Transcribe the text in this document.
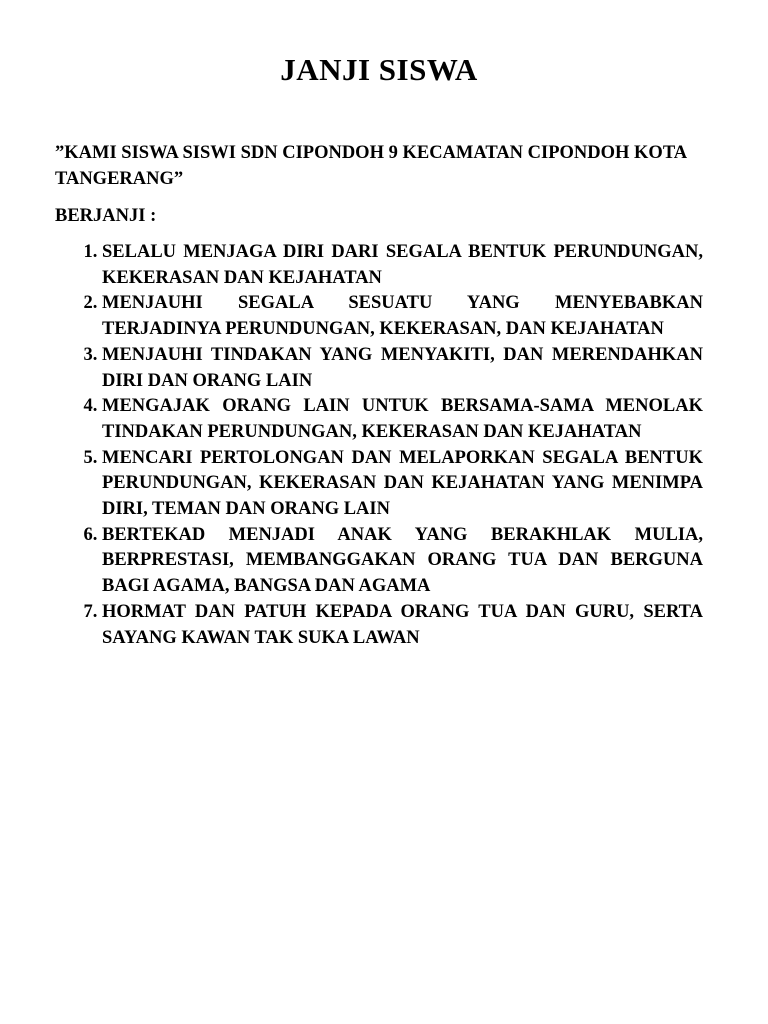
JANJI SISWA

”KAMI SISWA SISWI SDN CIPONDOH 9 KECAMATAN CIPONDOH KOTA TANGERANG”

BERJANJI :

1. SELALU MENJAGA DIRI DARI SEGALA BENTUK PERUNDUNGAN, KEKERASAN DAN KEJAHATAN
2. MENJAUHI SEGALA SESUATU YANG MENYEBABKAN TERJADINYA PERUNDUNGAN, KEKERASAN, DAN KEJAHATAN
3. MENJAUHI TINDAKAN YANG MENYAKITI, DAN MERENDAHKAN DIRI DAN ORANG LAIN
4. MENGAJAK ORANG LAIN UNTUK BERSAMA-SAMA MENOLAK TINDAKAN PERUNDUNGAN, KEKERASAN DAN KEJAHATAN
5. MENCARI PERTOLONGAN DAN MELAPORKAN SEGALA BENTUK PERUNDUNGAN, KEKERASAN DAN KEJAHATAN YANG MENIMPA DIRI, TEMAN DAN ORANG LAIN
6. BERTEKAD MENJADI ANAK YANG BERAKHLAK MULIA, BERPRESTASI, MEMBANGGAKAN ORANG TUA DAN BERGUNA BAGI AGAMA, BANGSA DAN AGAMA
7. HORMAT DAN PATUH KEPADA ORANG TUA DAN GURU, SERTA SAYANG KAWAN TAK SUKA LAWAN
